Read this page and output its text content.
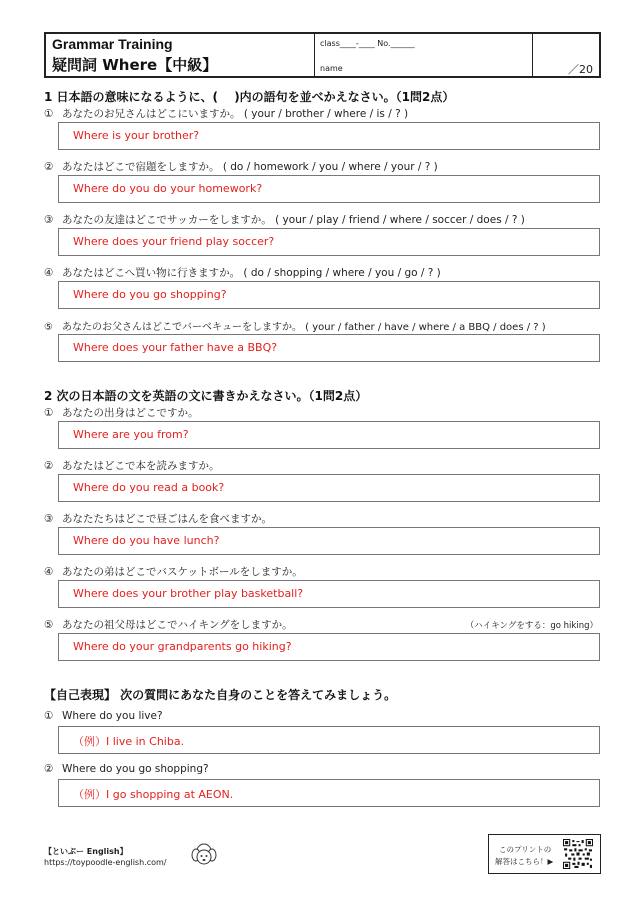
Grammar Training
疑問詞 Where【中級】
class____-____ No.______
name	／20
1 日本語の意味になるように、(　 )内の語句を並べかえなさい。（1問2点）
① あなたのお兄さんはどこにいますか。 ( your / brother / where / is / ? )
Where is your brother?
② あなたはどこで宿題をしますか。 ( do / homework / you / where / your / ? )
Where do you do your homework?
③ あなたの友達はどこでサッカーをしますか。 ( your / play / friend / where / soccer / does / ? )
Where does your friend play soccer?
④ あなたはどこへ買い物に行きますか。 ( do / shopping / where / you / go / ? )
Where do you go shopping?
⑤ あなたのお父さんはどこでバーベキューをしますか。 ( your / father / have / where / a BBQ / does / ? )
Where does your father have a BBQ?
2 次の日本語の文を英語の文に書きかえなさい。（1問2点）
① あなたの出身はどこですか。
Where are you from?
② あなたはどこで本を読みますか。
Where do you read a book?
③ あなたたちはどこで昼ごはんを食べますか。
Where do you have lunch?
④ あなたの弟はどこでバスケットボールをしますか。
Where does your brother play basketball?
⑤ あなたの祖父母はどこでハイキングをしますか。	（ハイキングをする：go hiking）
Where do your grandparents go hiking?
【自己表現】 次の質問にあなた自身のことを答えてみましょう。
① Where do you live?
（例）I live in Chiba.
② Where do you go shopping?
（例）I go shopping at AEON.
【といぷー English】
https://toypoodle-english.com/
このプリントの
解答はこちら！▶
